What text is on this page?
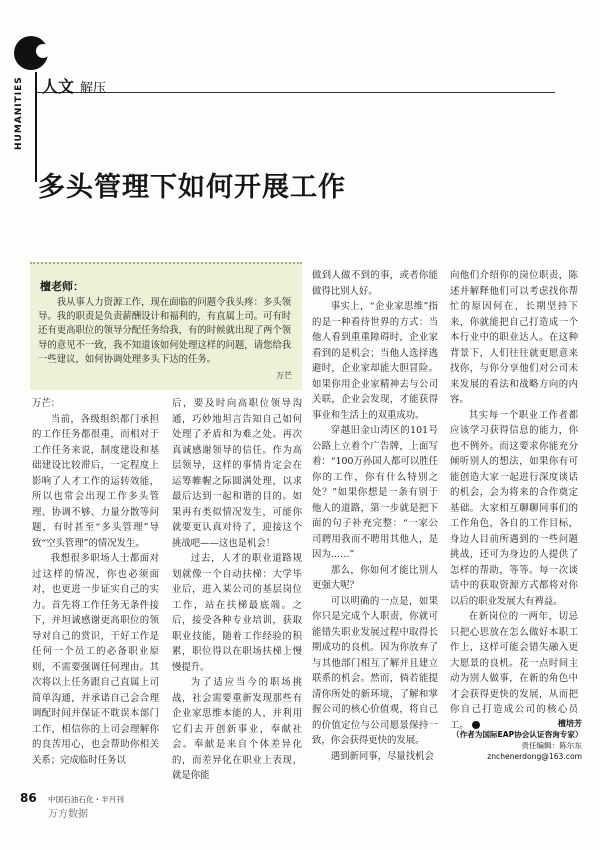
HUMANITIES	人文 解压
多头管理下如何开展工作
檀老师：
我从事人力资源工作，现在面临的问题令我头疼：多头领导。我的职责是负责薪酬设计和福利的，有直属上司。可有时还有更高职位的领导分配任务给我，有的时候就出现了两个领导的意见不一致，我不知道该如何处理这样的问题，请您给我一些建议，如何协调处理多头下达的任务。
万芒

万芒：

当前，各级组织都门承担的工作任务都很重，而相对于工作任务来说，制度建设和基础建设比较滞后，一定程度上影响了人才工作的运转效能，所以也常会出现工作多头管理、协调不够、力量分散等问题，有时甚至“多头管理”导致“空头管理”的情况发生。

我想很多职场人士都面对过这样的情况，你也必须面对，也更进一步证实自己的实力。首先将工作任务无条件接下，并坦诚感谢更高职位的领导对自己的赏识，干好工作是任何一个员工的必备职业原则，不需要强调任何理由。其次将以上任务跟自己直属上司简单沟通，并承诺自己会合理调配时间并保证不耽误本部门工作，相信你的上司会理解你的良苦用心，也会帮助你相关关系；完成临时任务以

后，要及时向高职位领导沟通，巧妙地坦言告知自己如何处理了矛盾和为难之处。再次真诚感谢领导的信任。作为高层领导，这样的事情肯定会在运筹帷幄之际圆满处理，以求最后达到一起和谐的目的。如果再有类似情况发生，可能你就要更认真对待了，迎接这个挑战吧——这也是机会！

过去，人才的职业道路规划就像一个自动扶梯：大学毕业后，进入某公司的基层岗位工作，站在扶梯最底端。之后，接受各种专业培训，获取职业技能，随着工作经验的积累，职位得以在职场扶梯上慢慢提升。

为了适应当今的职场挑战，社会需要重新发现那些有企业家思维本能的人，并利用它们去开创新事业，奉献社会。奉献是来自个体差异化的，而差异化在职业上表现，就是你能

做到人做不到的事，或者你能做得比别人好。

事实上，“企业家思维”指的是一种看待世界的方式：当他人看到重重障碍时，企业家看到的是机会；当他人选择逃避时，企业家却能大胆冒险。如果你用企业家精神去与公司关联，企业会发现，才能获得事业和生活上的双重成功。

穿越旧金山湾区的101号公路上立着个广告牌，上面写着：“100万孙国人都可以胜任你的工作，你有什么特别之处？”如果你想是一条有别于他人的道路，第一步就是把下面的句子补充完整：“一家公司聘用我而不聘用其他人，是因为……”

那么，你如何才能比别人更强大呢？

可以明确的一点是，如果你只是完成个人职责，你就可能错失职业发展过程中取得长期成功的良机。因为你放弃了与其他部门相互了解并且建立联系的机会。然而，倘若能提清你所处的新环境，了解和掌握公司的核心价值观，将自己的价值定位与公司愿景保持一致，你会获得更快的发展。

遇到新同事，尽量找机会

向他们介绍你的岗位职责，陈述并解释他们可以考虑找你帮忙的原因何在，长期坚持下来，你就能把自己打造成一个本行业中的职业达人。在这种背景下，人们往往就更愿意来找你，与你分享他们对公司未来发展的看法和战略方向的内容。

其实每一个职业工作者都应该学习获得信息的能力，你也不例外。而这要求你能充分倾听别人的想法，如果你有可能创造大家一起进行深度谈话的机会，会为将来的合作奠定基础。大家相互聊聊同事们的工作角色，各自的工作目标，身边人目前所遇到的一些问题挑战，还可为身边的人提供了怎样的帮助，等等。每一次谈话中的获取资源方式都将对你以后的职业发展大有裨益。

在新岗位的一两年，切忌只把心思放在怎么做好本职工作上，这样可能会错失融入更大愿景的良机。花一点时间主动为别人做事，在新的角色中才会获得更快的发展，从而把你自己打造成公司的核心员工。	檀培芳
（作者为国际EAP协会认证咨询专家）
责任编辑：陈尔东
znchenerdong@163.com
86 中国石油石化・半月刊
万方数据
